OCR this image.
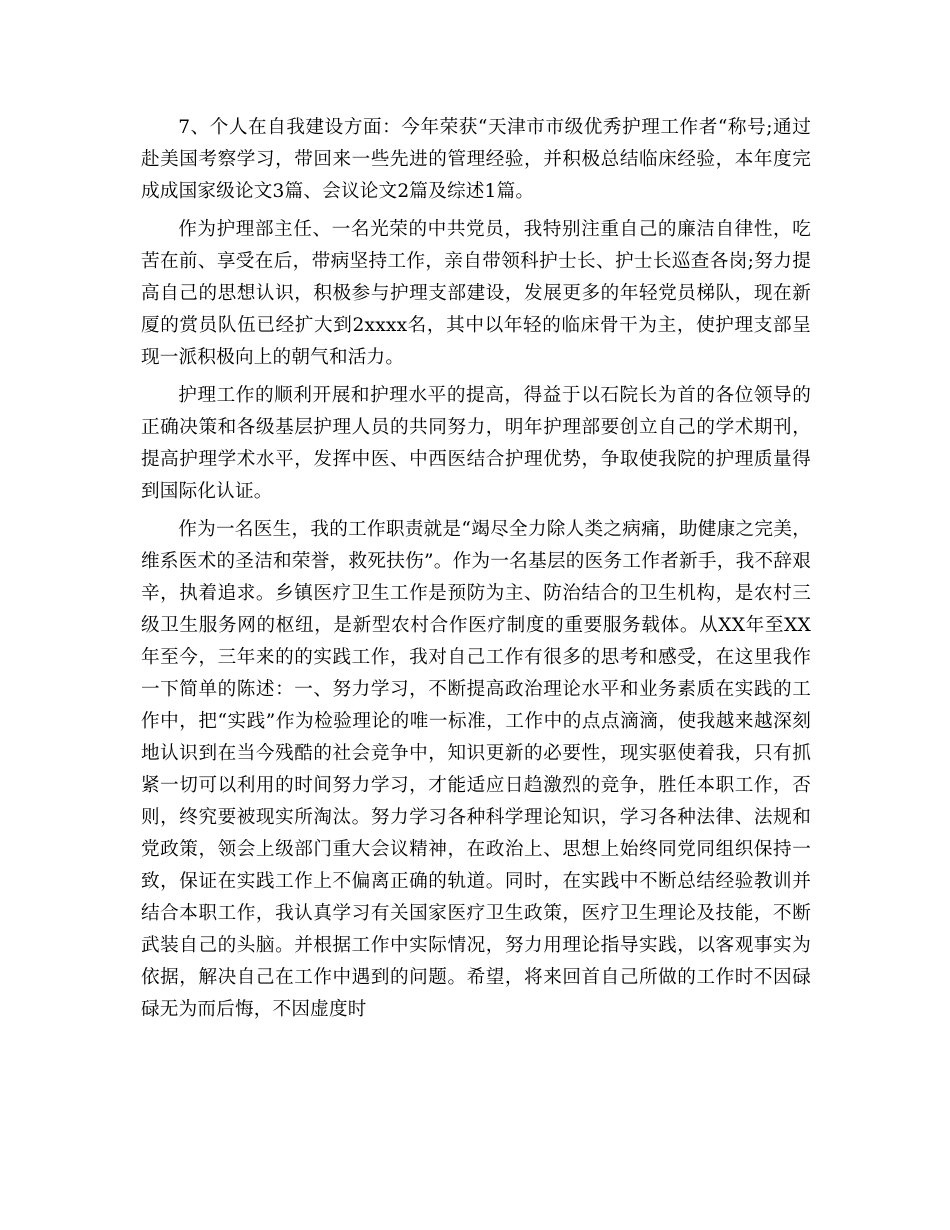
7、个人在自我建设方面：今年荣获“天津市市级优秀护理工作者“称号;通过赴美国考察学习，带回来一些先进的管理经验，并积极总结临床经验，本年度完成成国家级论文3篇、会议论文2篇及综述1篇。

作为护理部主任、一名光荣的中共党员，我特别注重自己的廉洁自律性，吃苦在前、享受在后，带病坚持工作，亲自带领科护士长、护士长巡查各岗;努力提高自己的思想认识，积极参与护理支部建设，发展更多的年轻党员梯队，现在新厦的赏员队伍已经扩大到2xxxx名，其中以年轻的临床骨干为主，使护理支部呈现一派积极向上的朝气和活力。

护理工作的顺利开展和护理水平的提高，得益于以石院长为首的各位领导的正确决策和各级基层护理人员的共同努力，明年护理部要创立自己的学术期刊，提高护理学术水平，发挥中医、中西医结合护理优势，争取使我院的护理质量得到国际化认证。

作为一名医生，我的工作职责就是“竭尽全力除人类之病痛，助健康之完美，维系医术的圣洁和荣誉，救死扶伤”。作为一名基层的医务工作者新手，我不辞艰辛，执着追求。乡镇医疗卫生工作是预防为主、防治结合的卫生机构，是农村三级卫生服务网的枢纽，是新型农村合作医疗制度的重要服务载体。从XX年至XX年至今，三年来的的实践工作，我对自己工作有很多的思考和感受，在这里我作一下简单的陈述：一、努力学习，不断提高政治理论水平和业务素质在实践的工作中，把“实践”作为检验理论的唯一标准，工作中的点点滴滴，使我越来越深刻地认识到在当今残酷的社会竞争中，知识更新的必要性，现实驱使着我，只有抓紧一切可以利用的时间努力学习，才能适应日趋激烈的竞争，胜任本职工作，否则，终究要被现实所淘汰。努力学习各种科学理论知识，学习各种法律、法规和党政策，领会上级部门重大会议精神，在政治上、思想上始终同党同组织保持一致，保证在实践工作上不偏离正确的轨道。同时，在实践中不断总结经验教训并结合本职工作，我认真学习有关国家医疗卫生政策，医疗卫生理论及技能，不断武装自己的头脑。并根据工作中实际情况，努力用理论指导实践，以客观事实为依据，解决自己在工作中遇到的问题。希望，将来回首自己所做的工作时不因碌碌无为而后悔，不因虚度时
